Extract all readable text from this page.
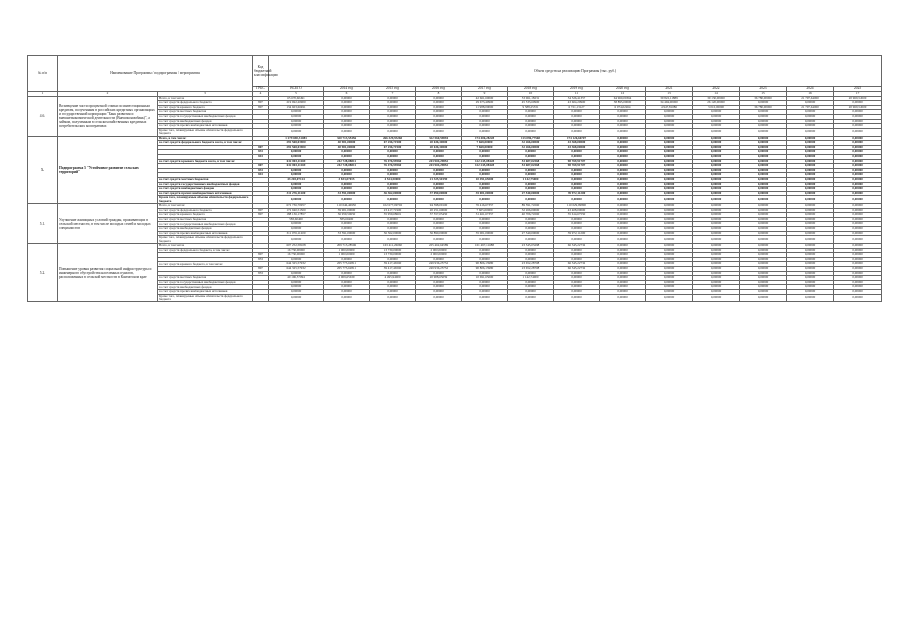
№ п/п	Наименование Программы / подпрограммы / мероприятия		Код бюджетной классификации	Объем средств на реализацию Программы (тыс. руб.)												
			ГРБС	ВСЕГО	2014 год	2015 год	2016 год	2017 год	2018 год	2019 год	2020 год	2021	2022	2023	2024	2025
1	2	3	4	5	6	7	8	9	10	11	12	13	14	15	16	17
4.6.	Возмещение части процентной ставки по инвестиционным кредитам, полученным в российских кредитных организациях и государственной корпорации "Банк развития и внешнеэкономической деятельности (Внешэкономбанк)", а займам, полученным в сельскохозяйственных кредитных потребительских кооперативах	Всего, в том числе		65 670,60491	0,00000	0,00000	0,00000	42 661,60000	53 061,18231	34 326,41357	64 960,00364	39 822,11889	39 130,00000	36 780,00000	21 797,64000	20 969,54500
		за счет средств федерального бюджета	807	219 692,20900	0,00000	0,00000	0,00000	29 673,40900	45 533,60900	43 604,20900	38 895,00000	34 494,00000	26 120,00000	0,00000	0,00000	0,00000
		за счет средств краевого бюджета	807	134 603,60491	0,00000	0,00000	0,00000	11 988,00000	9 588,25331	6 721,13127	6 074,02264	4 947,81086	3 010,00000	36 780,00000	21 797,64000	20 969,54500
		за счет средств местных бюджетов		0,00000	0,00000	0,00000	0,00000	0,00000	0,00000	0,00000	0,00000	0,00000	0,00000	0,00000	0,00000	0,00000
		за счет средств государственных внебюджетных фондов		0,00000	0,00000	0,00000	0,00000	0,00000	0,00000	0,00000	0,00000	0,00000	0,00000	0,00000	0,00000	0,00000
		за счет средств внебюджетных фондов		0,00000	0,00000	0,00000	0,00000	0,00000	0,00000	0,00000	0,00000	0,00000	0,00000	0,00000	0,00000	0,00000
		за счет средств прочих внебюджетных источников		0,00000	0,00000	0,00000	0,00000	0,00000	0,00000	0,00000	0,00000	0,00000	0,00000	0,00000	0,00000	0,00000
		Кроме того, планируемые объемы обязательств федерального бюджета		0,00000	0,00000	0,00000	0,00000	0,00000	0,00000	0,00000	0,00000	0,00000	0,00000	0,00000	0,00000	0,00000
5.	Подпрограмма 5 "Устойчивое развитие сельских территорий"	Всего, в том числе:		1 279 690,31083	320 713,55456	266 329,93260	322 560,59894	174 406,28228	113 096,77568	174 126,66707	0,00000	0,00000	0,00000	0,00000	0,00000	0,00000
		за счет средств федерального бюджета всего, в том числе:		292 568,01900	40 901,00000	67 256,71900	20 636,30000	7 668,00000	32 266,00000	43 368,00000	0,00000	0,00000	0,00000	0,00000	0,00000	0,00000
			807	292 568,01900	40 901,00000	67 256,71900	20 636,30000	7 668,00000	32 266,00000	43 368,00000	0,00000	0,00000	0,00000	0,00000	0,00000	0,00000
			833	0,00000	0,00000	0,00000	0,00000	0,00000	0,00000	0,00000	0,00000	0,00000	0,00000	0,00000	0,00000	0,00000
			843	0,00000	0,00000	0,00000	0,00000	0,00000	0,00000	0,00000	0,00000	0,00000	0,00000	0,00000	0,00000	0,00000
		за счет средств краевого бюджета всего, в том числе:		632 803,11169	242 728,08811	76 476,99560	243 904,29852	122 245,08428	53 687,02568	98 769,91707	0,00000	0,00000	0,00000	0,00000	0,00000	0,00000
			807	632 803,11169	242 728,08811	76 476,99560	243 904,29852	122 245,08428	53 687,02568	98 769,91707	0,00000	0,00000	0,00000	0,00000	0,00000	0,00000
			833	0,00000	0,00000	0,00000	0,00000	0,00000	0,00000	0,00000	0,00000	0,00000	0,00000	0,00000	0,00000	0,00000
			843	0,00000	0,00000	0,00000	0,00000	0,00000	0,00000	0,00000	0,00000	0,00000	0,00000	0,00000	0,00000	0,00000
		за счет средств местных бюджетов		43 203,07124	3 833,07015	4 524,50000	21 325,50159	10 491,65000	1 142,75000	0,00000	0,00000	0,00000	0,00000	0,00000	0,00000	0,00000
		за счет средств государственных внебюджетных фондов		0,00000	0,00000	0,00000	0,00000	0,00000	0,00000	0,00000	0,00000	0,00000	0,00000	0,00000	0,00000	0,00000
		за счет средств внебюджетных фондов		0,00000	0,00000	0,00000	0,00000	0,00000	0,00000	0,00000	0,00000	0,00000	0,00000	0,00000	0,00000	0,00000
		за счет средств прочих внебюджетных источников		311 276,11200	33 591,00000	36 362,00000	37 090,00000	35 001,00000	27 540,00000	39 972,11200	0,00000	0,00000	0,00000	0,00000	0,00000	0,00000
		Кроме того, планируемые объемы обязательств федерального бюджета		0,00000	0,00000	0,00000	0,00000	0,00000	0,00000	0,00000	0,00000	0,00000	0,00000	0,00000	0,00000	0,00000
5.1.	Улучшение жилищных условий граждан, проживающих в сельской местности, в том числе молодых семей и молодых специалистов	Всего, в том числе:		672 736,70957	110 046,46950	102 677,09702	94 598,09100	76 416,67357	89 591,74560	110 029,99800	0,00000	0,00000	0,00000	0,00000	0,00000	0,00000
		за счет средств федерального бюджета	807	172 940,51500	39 901,00000	23 417,71900	20 251,60000	7 605,00000	32 266,00000	43 408,00000	0,00000	0,00000	0,00000	0,00000	0,00000	0,00000
		за счет средств краевого бюджета	807	188 136,17857	36 959,50650	35 959,68601	37 557,05450	31 461,67357	40 706,74560	35 614,67550	0,00000	0,00000	0,00000	0,00000	0,00000	0,00000
		за счет средств местных бюджетов		583,60400	583,60400	0,00000	0,00000	0,00000	0,00000	0,00000	0,00000	0,00000	0,00000	0,00000	0,00000	0,00000
		за счет средств государственных внебюджетных фондов		0,00000	0,00000	0,00000	0,00000	0,00000	0,00000	0,00000	0,00000	0,00000	0,00000	0,00000	0,00000	0,00000
		за счет средств внебюджетных фондов		0,00000	0,00000	0,00000	0,00000	0,00000	0,00000	0,00000	0,00000	0,00000	0,00000	0,00000	0,00000	0,00000
		за счет средств прочих внебюджетных источников		311 076,11200	33 591,00000	36 362,00000	36 890,00000	35 001,00000	27 540,00000	39 972,11200	0,00000	0,00000	0,00000	0,00000	0,00000	0,00000
		Кроме того, планируемые объемы обязательств федерального бюджета		0,00000	0,00000	0,00000	0,00000	0,00000	0,00000	0,00000	0,00000	0,00000	0,00000	0,00000	0,00000	0,00000
5.2.	Повышение уровня развития социальной инфраструктуры и инженерного обустройства населенных пунктов, расположенных в сельской местности в Камчатском крае	Всего, в том числе		607 252,58108	209 713,28506	163 411,26060	225 462,64589	101 497,11688	23 545,03298	66 345,22732	0,00000	0,00000	0,00000	0,00000	0,00000	0,00000
		за счет средств федерального бюджета, в том числе:		16 730,00000	1 000,00000	13 730,00000	2 000,00000	0,00000	0,00000	0,00000	0,00000	0,00000	0,00000	0,00000	0,00000	0,00000
			807	16 730,00000	1 000,00000	13 730,00000	2 000,00000	0,00000	0,00000	0,00000	0,00000	0,00000	0,00000	0,00000	0,00000	0,00000
			833	0,00000	0,00000	0,00000	0,00000	0,00000	0,00000	0,00000	0,00000	0,00000	0,00000	0,00000	0,00000	0,00000
		за счет средств краевого бюджета, в том числе:		644 325,57932	205 773,62811	39 417,46560	249 936,25752	90 806,13980	23 652,28708	66 345,22732	0,00000	0,00000	0,00000	0,00000	0,00000	0,00000
			807	644 325,57932	205 773,62811	39 417,46560	249 936,25752	90 806,13980	23 652,28708	66 345,22732	0,00000	0,00000	0,00000	0,00000	0,00000	0,00000
			833	0,00000	0,00000	0,00000	0,00000	0,00000	0,00000	0,00000	0,00000	0,00000	0,00000	0,00000	0,00000	0,00000
		за счет средств местных бюджетов		40 196,57094	2 909,65639	4 495,94000	20 908,65059	10 691,65000	1 142,74000	0,00000	0,00000	0,00000	0,00000	0,00000	0,00000	0,00000
		за счет средств государственных внебюджетных фондов		0,00000	0,00000	0,00000	0,00000	0,00000	0,00000	0,00000	0,00000	0,00000	0,00000	0,00000	0,00000	0,00000
		за счет средств внебюджетных фондов		0,00000	0,00000	0,00000	0,00000	0,00000	0,00000	0,00000	0,00000	0,00000	0,00000	0,00000	0,00000	0,00000
		за счет средств прочих внебюджетных источников		0,00000	0,00000	0,00000	0,00000	0,00000	0,00000	0,00000	0,00000	0,00000	0,00000	0,00000	0,00000	0,00000
		Кроме того, планируемые объемы обязательств федерального бюджета		0,00000	0,00000	0,00000	0,00000	0,00000	0,00000	0,00000	0,00000	0,00000	0,00000	0,00000	0,00000	0,00000
